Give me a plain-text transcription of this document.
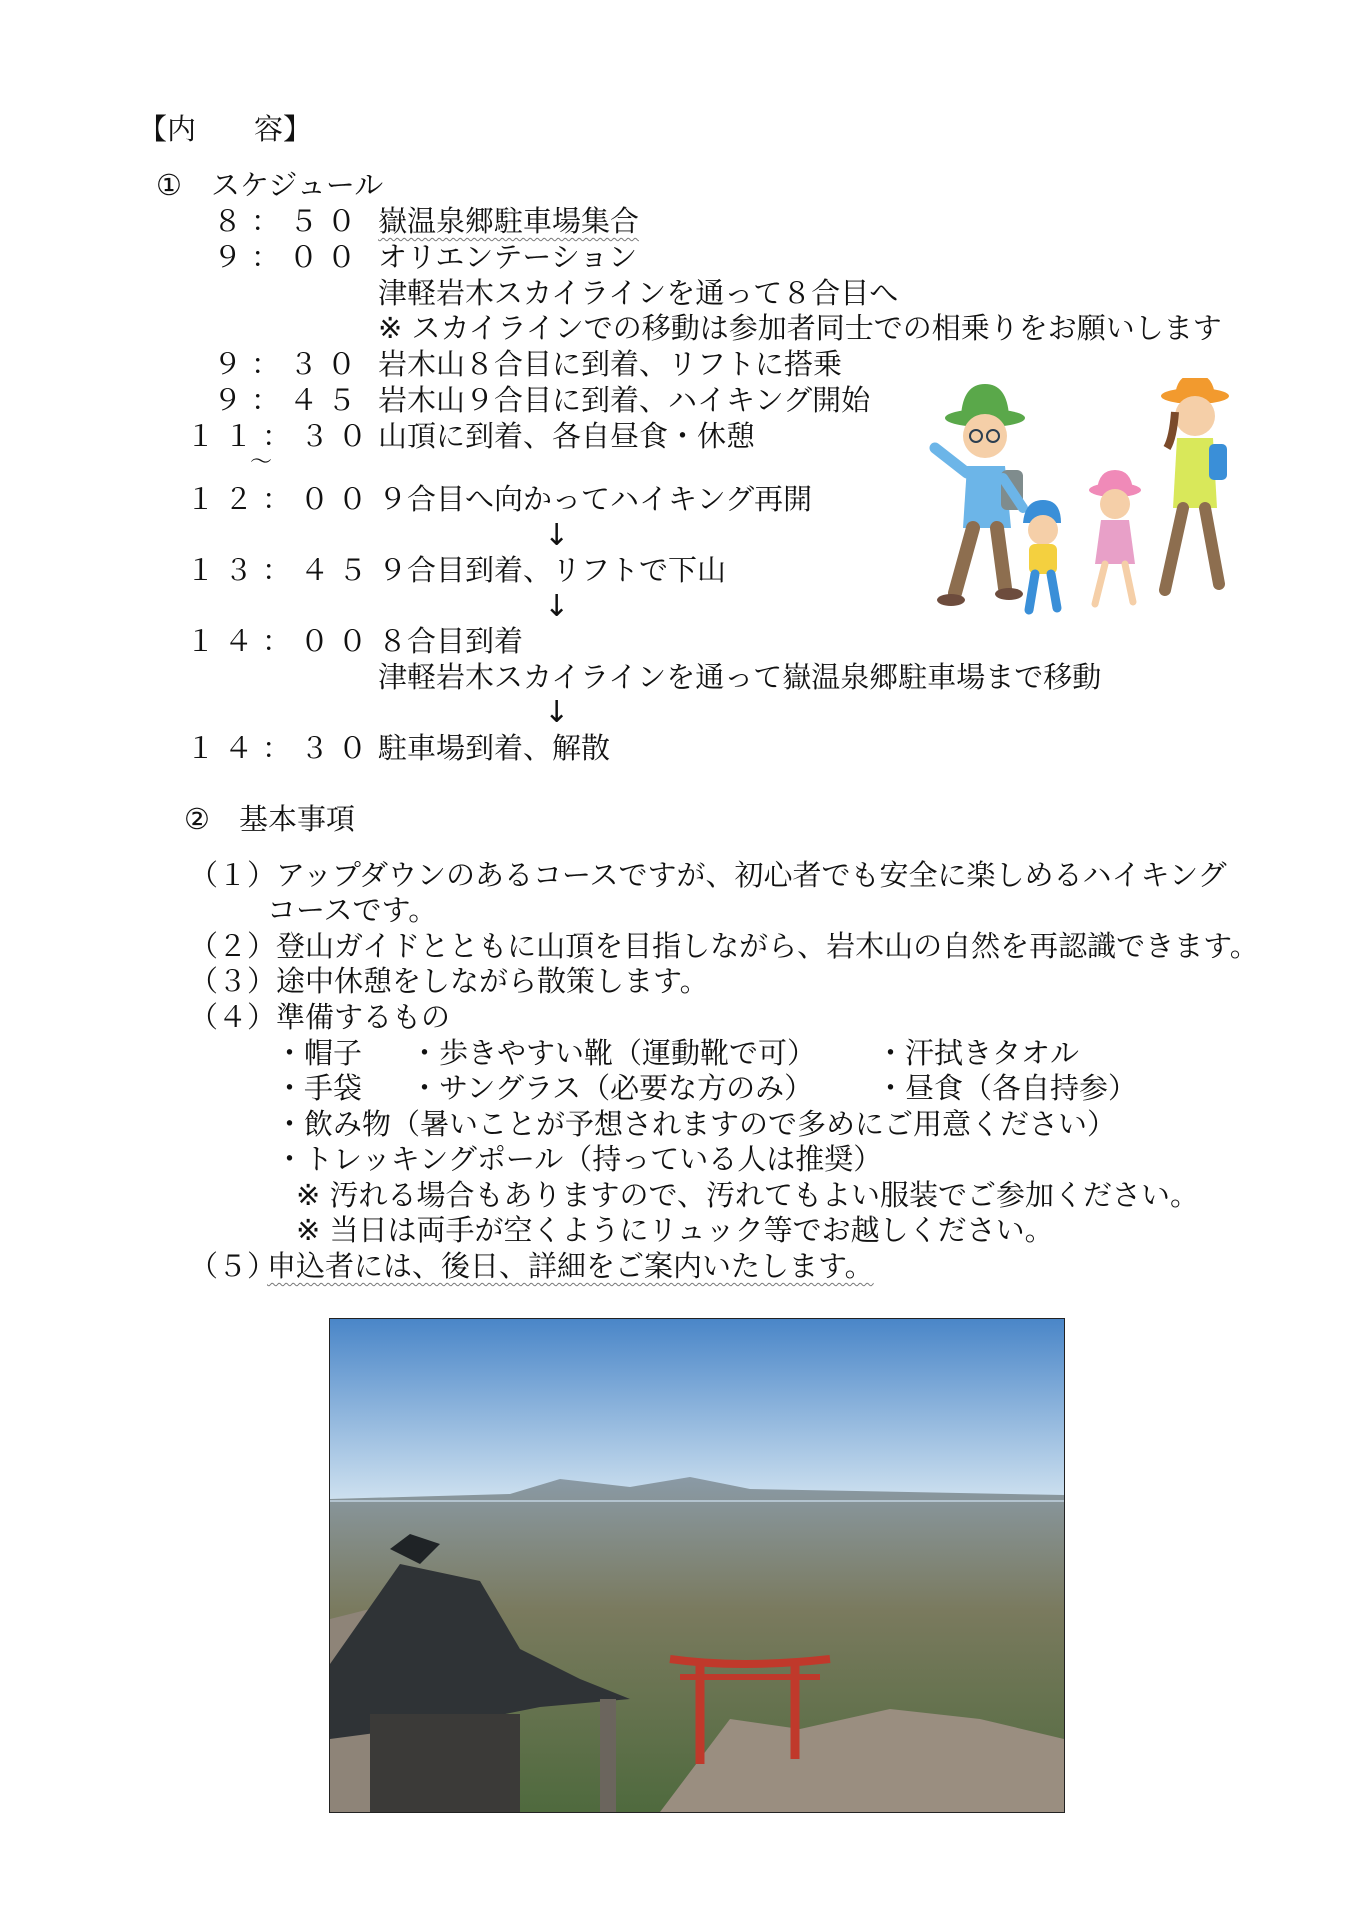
【内　　容】
①　スケジュール
８：５０ 嶽温泉郷駐車場集合
９：００ オリエンテーション
津軽岩木スカイラインを通って８合目へ
※ スカイラインでの移動は参加者同士での相乗りをお願いします
９：３０ 岩木山８合目に到着、リフトに搭乗
９：４５ 岩木山９合目に到着、ハイキング開始
１１：３０ 山頂に到着、各自昼食・休憩
〜
１２：００ ９合目へ向かってハイキング再開
↓
１３：４５ ９合目到着、リフトで下山
↓
１４：００ ８合目到着
津軽岩木スカイラインを通って嶽温泉郷駐車場まで移動
↓
１４：３０ 駐車場到着、解散
②　基本事項
（１）アップダウンのあるコースですが、初心者でも安全に楽しめるハイキング
コースです。
（２）登山ガイドとともに山頂を目指しながら、岩木山の自然を再認識できます。
（３）途中休憩をしながら散策します。
（４）準備するもの
・帽子 ・歩きやすい靴（運動靴で可） ・汗拭きタオル
・手袋 ・サングラス（必要な方のみ） ・昼食（各自持参）
・飲み物（暑いことが予想されますので多めにご用意ください）
・トレッキングポール（持っている人は推奨）
※ 汚れる場合もありますので、汚れてもよい服装でご参加ください。
※ 当日は両手が空くようにリュック等でお越しください。
（５）
申込者には、後日、詳細をご案内いたします。
